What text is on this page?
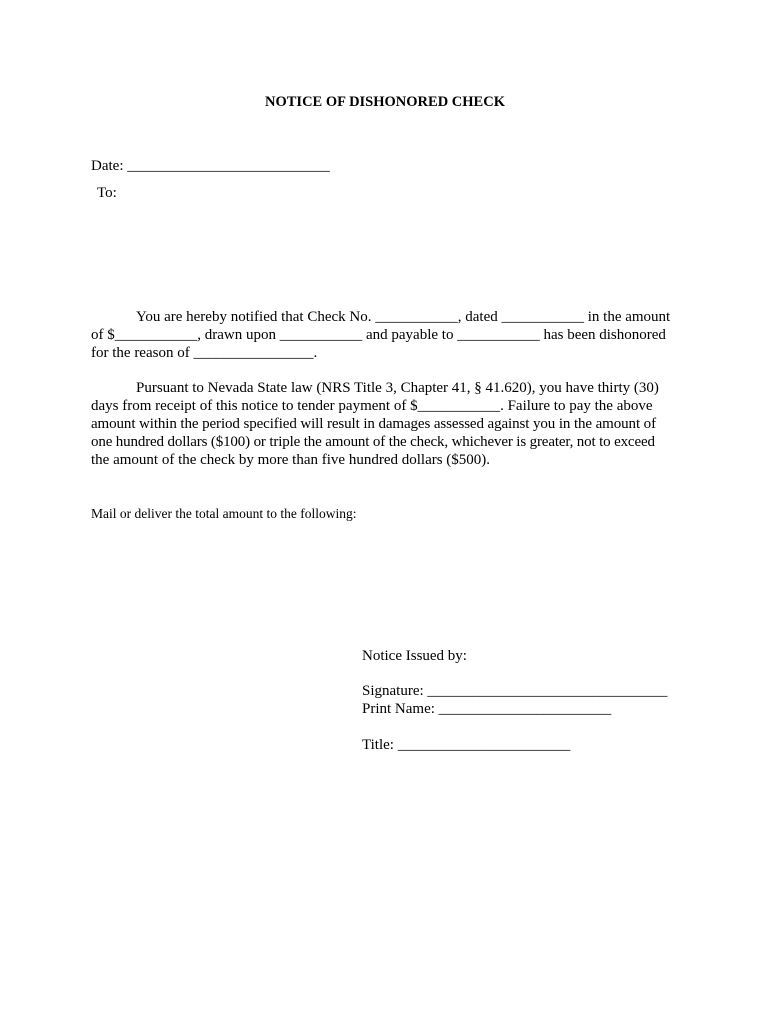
NOTICE OF DISHONORED CHECK
Date: ___________________________
To:
You are hereby notified that Check No. ___________, dated ___________ in the amount
of $___________, drawn upon ___________ and payable to ___________ has been dishonored
for the reason of ________________.
Pursuant to Nevada State law (NRS Title 3, Chapter 41, § 41.620), you have thirty (30)
days from receipt of this notice to tender payment of $___________. Failure to pay the above
amount within the period specified will result in damages assessed against you in the amount of
one hundred dollars ($100) or triple the amount of the check, whichever is greater, not to exceed
the amount of the check by more than five hundred dollars ($500).
Mail or deliver the total amount to the following:
Notice Issued by:
Signature: ________________________________
Print Name: _______________________
Title: _______________________
